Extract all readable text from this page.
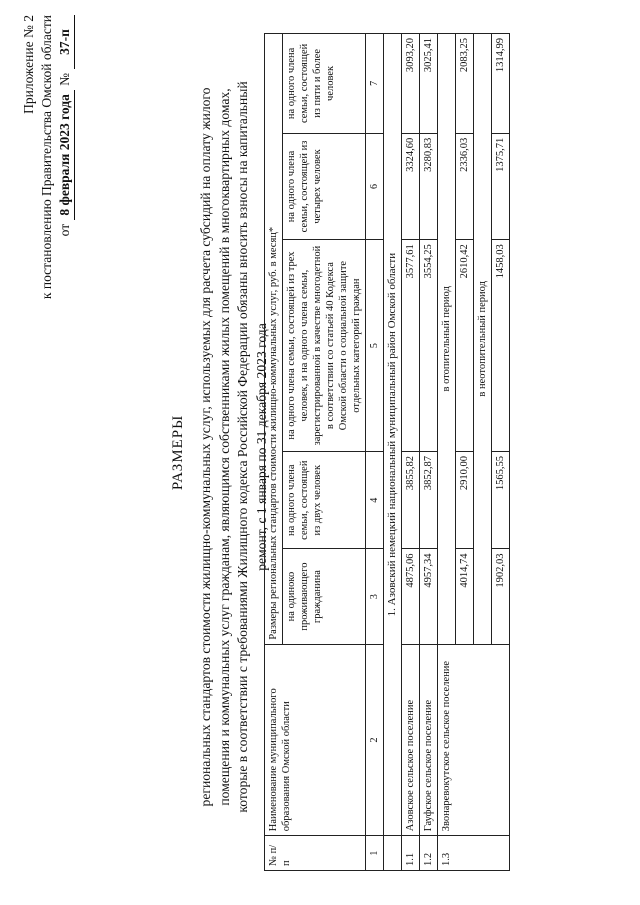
Приложение № 2 к постановлению Правительства Омской области от
8 февраля 2023 года
№
37-п
РАЗМЕРЫ региональных стандартов стоимости жилищно-коммунальных услуг, используемых для расчета субсидий на оплату жилого помещения и коммунальных услуг гражданам, являющимся собственниками жилых помещений в многоквартирных домах, которые в соответствии с требованиями Жилищного кодекса Российской Федерации обязаны вносить взносы на капитальный ремонт, с 1 января по 31 декабря 2023 года
№ п/п	Наименование муниципального образования Омской области	Размеры региональных стандартов стоимости жилищно-коммунальных услуг, руб. в месяц*				
		на одиноко проживающего гражданина	на одного члена семьи, состоящей из двух человек	на одного члена семьи, состоящей из трех человек, и на одного члена семьи, зарегистрированной в качестве многодетной в соответствии со статьей 40 Кодекса Омской области о социальной защите отдельных категорий граждан	на одного члена семьи, состоящей из четырех человек	на одного члена семьи, состоящей из пяти и более человек
1	2	3	4	5	6	7
	1. Азовский немецкий национальный муниципальный район Омской области					
1.1	Азовское сельское поселение	4875,06	3855,82	3577,61	3324,60	3093,20
1.2	Гауфское сельское поселение	4957,34	3852,87	3554,25	3280,83	3025,41
1.3	Звонаревокутское сельское поселение	в отопительный период				
		4014,74	2910,00	2610,42	2336,03	2083,25
		в неотопительный период				
		1902,03	1565,55	1458,03	1375,71	1314,99
